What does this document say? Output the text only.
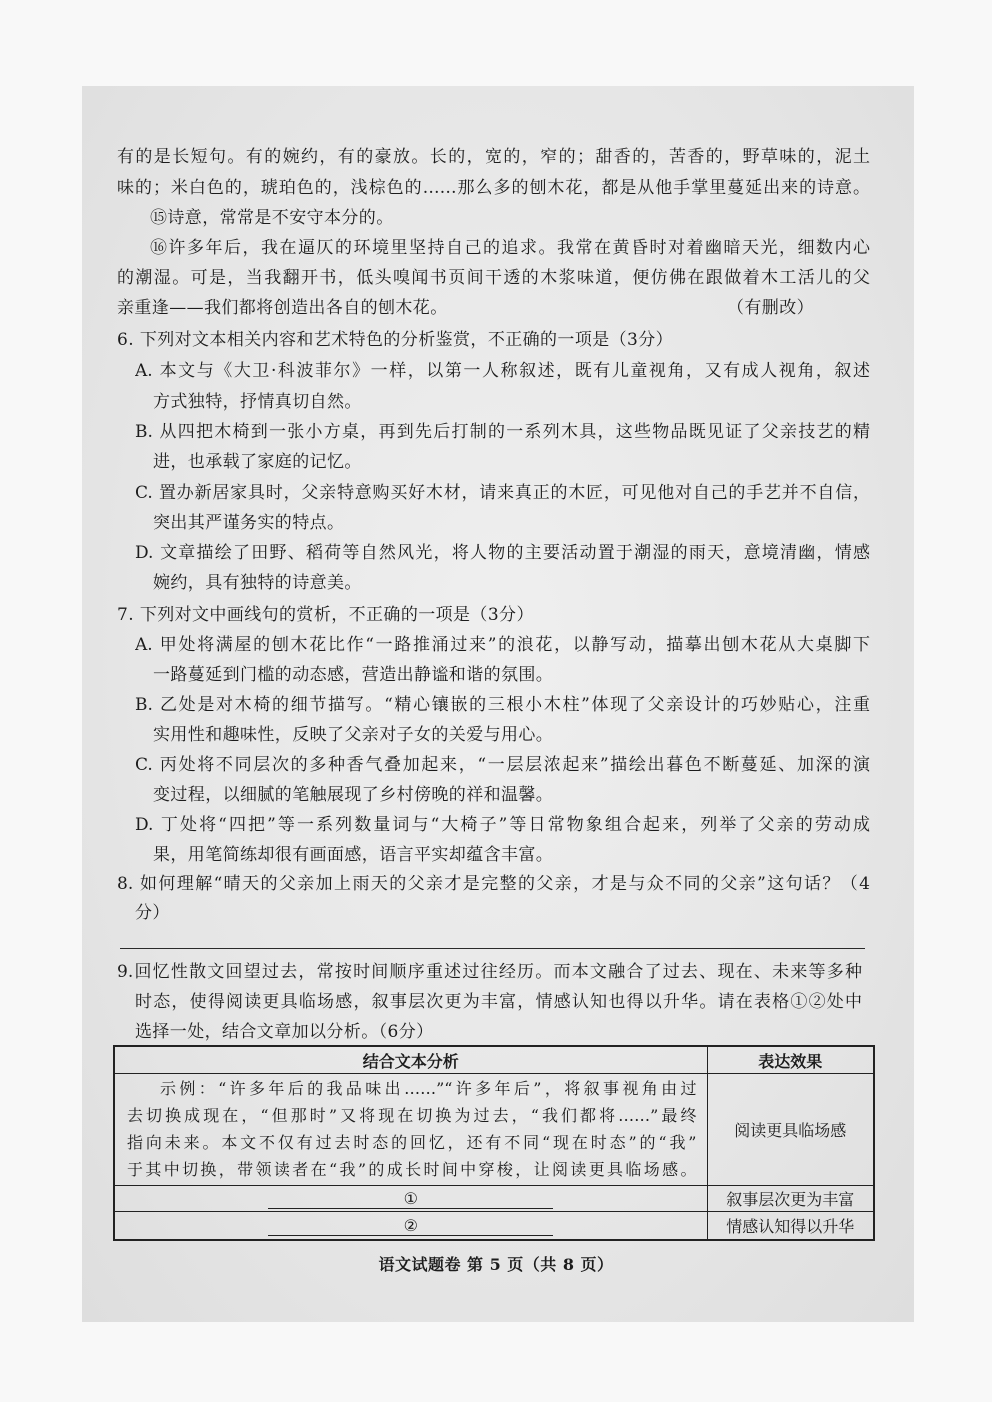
有的是长短句。有的婉约，有的豪放。长的，宽的，窄的；甜香的，苦香的，野草味的，泥土
味的；米白色的，琥珀色的，浅棕色的……那么多的刨木花，都是从他手掌里蔓延出来的诗意。
⑮诗意，常常是不安守本分的。
⑯许多年后，我在逼仄的环境里坚持自己的追求。我常在黄昏时对着幽暗天光，细数内心
的潮湿。可是，当我翻开书，低头嗅闻书页间干透的木浆味道，便仿佛在跟做着木工活儿的父
亲重逢——我们都将创造出各自的刨木花。	（有删改）
6. 下列对文本相关内容和艺术特色的分析鉴赏，不正确的一项是（3分）
A. 本文与《大卫·科波菲尔》一样，以第一人称叙述，既有儿童视角，又有成人视角，叙述
方式独特，抒情真切自然。
B. 从四把木椅到一张小方桌，再到先后打制的一系列木具，这些物品既见证了父亲技艺的精
进，也承载了家庭的记忆。
C. 置办新居家具时，父亲特意购买好木材，请来真正的木匠，可见他对自己的手艺并不自信，
突出其严谨务实的特点。
D. 文章描绘了田野、稻荷等自然风光，将人物的主要活动置于潮湿的雨天，意境清幽，情感
婉约，具有独特的诗意美。
7. 下列对文中画线句的赏析，不正确的一项是（3分）
A. 甲处将满屋的刨木花比作“一路推涌过来”的浪花，以静写动，描摹出刨木花从大桌脚下
一路蔓延到门槛的动态感，营造出静谧和谐的氛围。
B. 乙处是对木椅的细节描写。“精心镶嵌的三根小木柱”体现了父亲设计的巧妙贴心，注重
实用性和趣味性，反映了父亲对子女的关爱与用心。
C. 丙处将不同层次的多种香气叠加起来，“一层层浓起来”描绘出暮色不断蔓延、加深的演
变过程，以细腻的笔触展现了乡村傍晚的祥和温馨。
D. 丁处将“四把”等一系列数量词与“大椅子”等日常物象组合起来，列举了父亲的劳动成
果，用笔简练却很有画面感，语言平实却蕴含丰富。
8. 如何理解“晴天的父亲加上雨天的父亲才是完整的父亲，才是与众不同的父亲”这句话？（4
分）
9.回忆性散文回望过去，常按时间顺序重述过往经历。而本文融合了过去、现在、未来等多种
时态，使得阅读更具临场感，叙事层次更为丰富，情感认知也得以升华。请在表格①②处中
选择一处，结合文章加以分析。（6分）
结合文本分析	表达效果

示例：“许多年后的我品味出……”“许多年后”，将叙事视角由过
去切换成现在，“但那时”又将现在切换为过去，“我们都将……”最终
指向未来。本文不仅有过去时态的回忆，还有不同“现在时态”的“我”
于其中切换，带领读者在“我”的成长时间中穿梭，让阅读更具临场感。	阅读更具临场感
①	叙事层次更为丰富
②	情感认知得以升华
语文试题卷 第 5 页（共 8 页）
